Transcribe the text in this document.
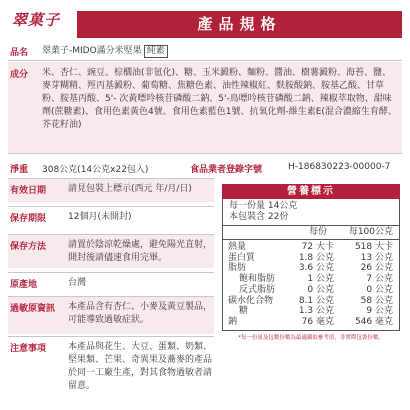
翠菓子	產品規格
品名 翠菓子-MIDO滿分米堅果 純素
成分 米、杏仁、豌豆、棕櫚油(非氫化)、糖、玉米澱粉、麵粉、醬油、樹薯澱粉、海苔、鹽、麥芽糊精、羥丙基澱粉、葡萄糖、焦糖色素、油性辣椒紅、麩胺酸鈉、胺基乙酸、甘草粉、胺基丙酸、5'- 次黃嘌呤核苷磷酸二鈉、5'-鳥嘌呤核苷磷酸二鈉、辣椒萃取物、甜味劑(蔗糖素)、食用色素黃色4號、食用色素藍色1號、抗氧化劑-維生素E(混合濃縮生育酵、芥花籽油)
淨重 308公克(14公克x22包入)	食品業者登錄字號	H-186830223-00000-7
有效日期 請見包裝上標示(西元 年/月/日)
保存期限 12個月(未開封)
保存方法 請置於陰涼乾燥處，避免陽光直射，開封後請儘速食用完畢。
原產地	台灣
過敏原資訊 本產品含有杏仁、小麥及黃豆製品，可能導致過敏症狀。
注意事項 本產品與花生、大豆、蛋類、奶類、堅果類、芒果、奇異果及蕎麥的產品於同一工廠生產，對其食物過敏者請留意。
營養標示
每一份量 14公克
本包裝含 22份
每份	每100公克
熱量	72 大卡	518 大卡
蛋白質	1.8 公克	13 公克
脂肪	3.6 公克	26 公克
飽和脂肪	1 公克	7 公克
反式脂肪	0 公克	0 公克
碳水化合物	8.1 公克	58 公克
糖	1.3 公克	9 公克
鈉	76 毫克	546 毫克
*每一份量及包數份數為最適攝取參考值，非實際包裝份數。
